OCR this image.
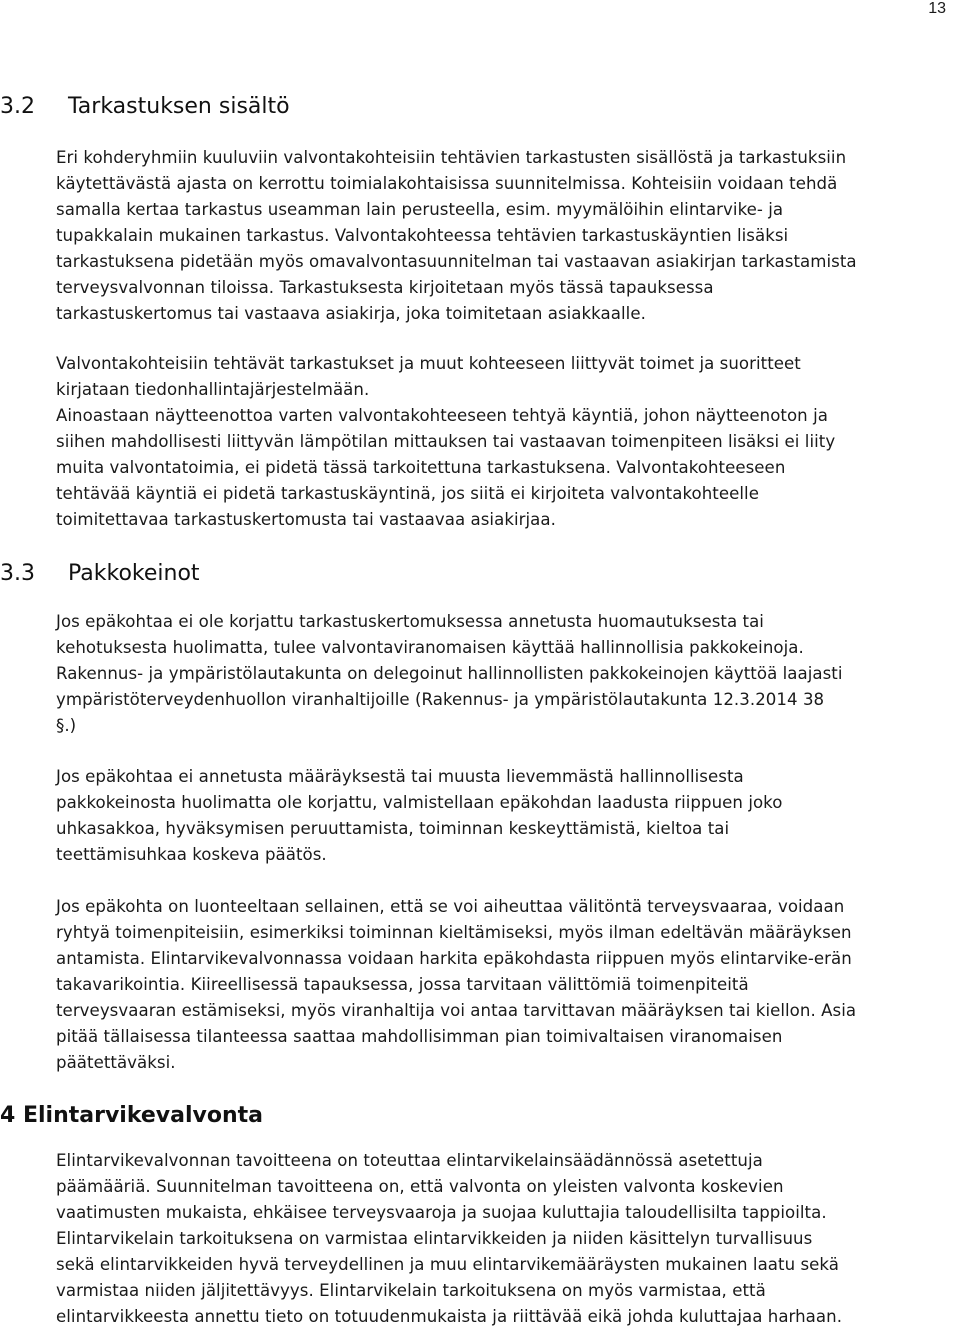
13
3.2 Tarkastuksen sisältö

Eri kohderyhmiin kuuluviin valvontakohteisiin tehtävien tarkastusten sisällöstä ja tarkastuksiin
käytettävästä ajasta on kerrottu toimialakohtaisissa suunnitelmissa. Kohteisiin voidaan tehdä
samalla kertaa tarkastus useamman lain perusteella, esim. myymälöihin elintarvike- ja
tupakkalain mukainen tarkastus. Valvontakohteessa tehtävien tarkastuskäyntien lisäksi
tarkastuksena pidetään myös omavalvontasuunnitelman tai vastaavan asiakirjan tarkastamista
terveysvalvonnan tiloissa. Tarkastuksesta kirjoitetaan myös tässä tapauksessa
tarkastuskertomus tai vastaava asiakirja, joka toimitetaan asiakkaalle.

Valvontakohteisiin tehtävät tarkastukset ja muut kohteeseen liittyvät toimet ja suoritteet
kirjataan tiedonhallintajärjestelmään.
Ainoastaan näytteenottoa varten valvontakohteeseen tehtyä käyntiä, johon näytteenoton ja
siihen mahdollisesti liittyvän lämpötilan mittauksen tai vastaavan toimenpiteen lisäksi ei liity
muita valvontatoimia, ei pidetä tässä tarkoitettuna tarkastuksena. Valvontakohteeseen
tehtävää käyntiä ei pidetä tarkastuskäyntinä, jos siitä ei kirjoiteta valvontakohteelle
toimitettavaa tarkastuskertomusta tai vastaavaa asiakirjaa.

3.3 Pakkokeinot

Jos epäkohtaa ei ole korjattu tarkastuskertomuksessa annetusta huomautuksesta tai
kehotuksesta huolimatta, tulee valvontaviranomaisen käyttää hallinnollisia pakkokeinoja.
Rakennus- ja ympäristölautakunta on delegoinut hallinnollisten pakkokeinojen käyttöä laajasti
ympäristöterveydenhuollon viranhaltijoille (Rakennus- ja ympäristölautakunta 12.3.2014 38
§.)

Jos epäkohtaa ei annetusta määräyksestä tai muusta lievemmästä hallinnollisesta
pakkokeinosta huolimatta ole korjattu, valmistellaan epäkohdan laadusta riippuen joko
uhkasakkoa, hyväksymisen peruuttamista, toiminnan keskeyttämistä, kieltoa tai
teettämisuhkaa koskeva päätös.

Jos epäkohta on luonteeltaan sellainen, että se voi aiheuttaa välitöntä terveysvaaraa, voidaan
ryhtyä toimenpiteisiin, esimerkiksi toiminnan kieltämiseksi, myös ilman edeltävän määräyksen
antamista. Elintarvikevalvonnassa voidaan harkita epäkohdasta riippuen myös elintarvike-erän
takavarikointia. Kiireellisessä tapauksessa, jossa tarvitaan välittömiä toimenpiteitä
terveysvaaran estämiseksi, myös viranhaltija voi antaa tarvittavan määräyksen tai kiellon. Asia
pitää tällaisessa tilanteessa saattaa mahdollisimman pian toimivaltaisen viranomaisen
päätettäväksi.

4 Elintarvikevalvonta

Elintarvikevalvonnan tavoitteena on toteuttaa elintarvikelainsäädännössä asetettuja
päämääriä. Suunnitelman tavoitteena on, että valvonta on yleisten valvonta koskevien
vaatimusten mukaista, ehkäisee terveysvaaroja ja suojaa kuluttajia taloudellisilta tappioilta.
Elintarvikelain tarkoituksena on varmistaa elintarvikkeiden ja niiden käsittelyn turvallisuus
sekä elintarvikkeiden hyvä terveydellinen ja muu elintarvikemääräysten mukainen laatu sekä
varmistaa niiden jäljitettävyys. Elintarvikelain tarkoituksena on myös varmistaa, että
elintarvikkeesta annettu tieto on totuudenmukaista ja riittävää eikä johda kuluttajaa harhaan.
